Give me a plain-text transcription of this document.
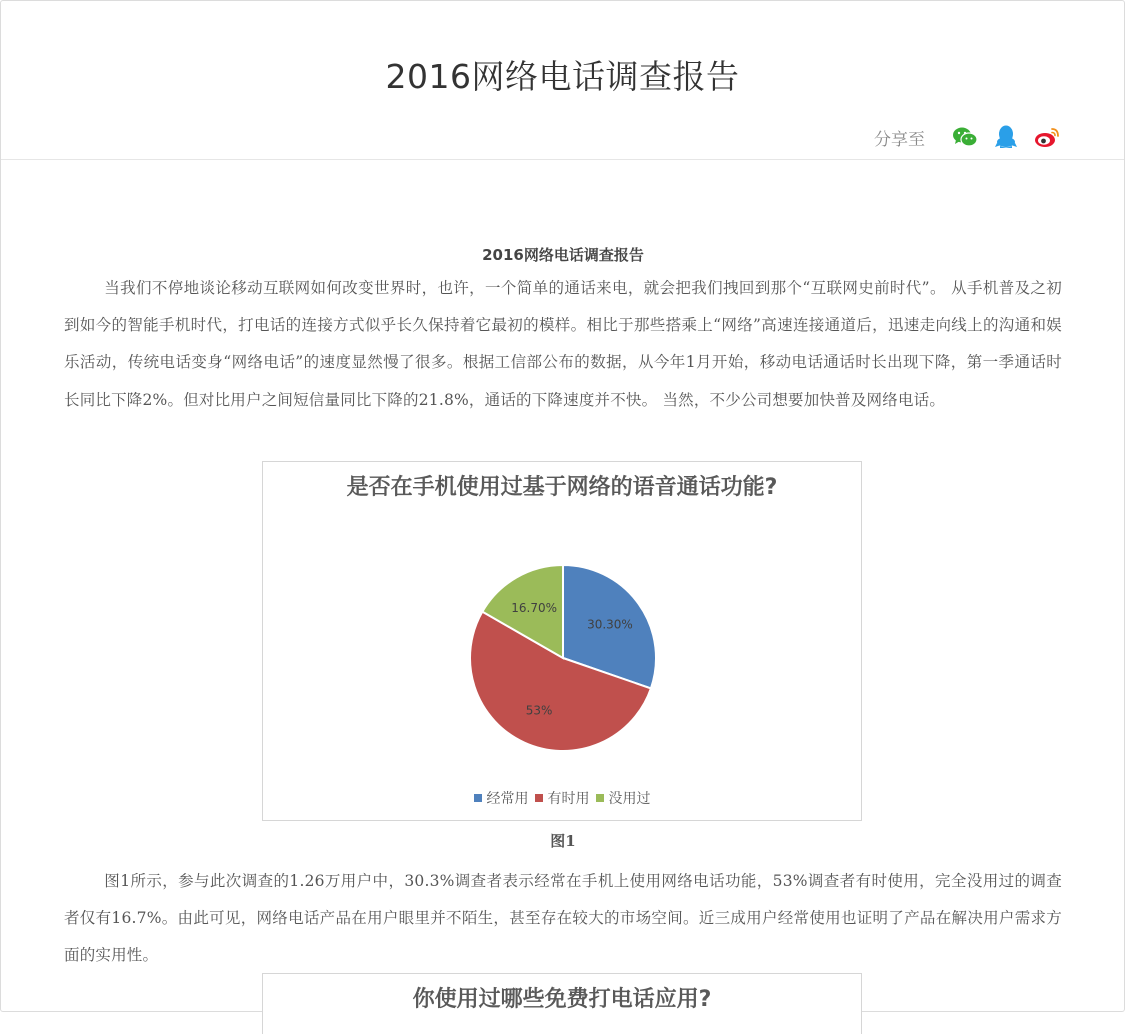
2016网络电话调查报告
分享至
2016网络电话调查报告

当我们不停地谈论移动互联网如何改变世界时，也许，一个简单的通话来电，就会把我们拽回到那个“互联网史前时代”。 从手机普及之初到如今的智能手机时代，打电话的连接方式似乎长久保持着它最初的模样。相比于那些搭乘上“网络”高速连接通道后，迅速走向线上的沟通和娱乐活动，传统电话变身“网络电话”的速度显然慢了很多。根据工信部公布的数据，从今年1月开始，移动电话通话时长出现下降，第一季通话时长同比下降2%。但对比用户之间短信量同比下降的21.8%，通话的下降速度并不快。 当然，不少公司想要加快普及网络电话。

是否在手机使用过基于网络的语音通话功能?
30.30%
53%
16.70%
经常用 有时用 没用过
图1

图1所示，参与此次调查的1.26万用户中，30.3%调查者表示经常在手机上使用网络电话功能，53%调查者有时使用，完全没用过的调查者仅有16.7%。由此可见，网络电话产品在用户眼里并不陌生，甚至存在较大的市场空间。近三成用户经常使用也证明了产品在解决用户需求方面的实用性。

你使用过哪些免费打电话应用?
